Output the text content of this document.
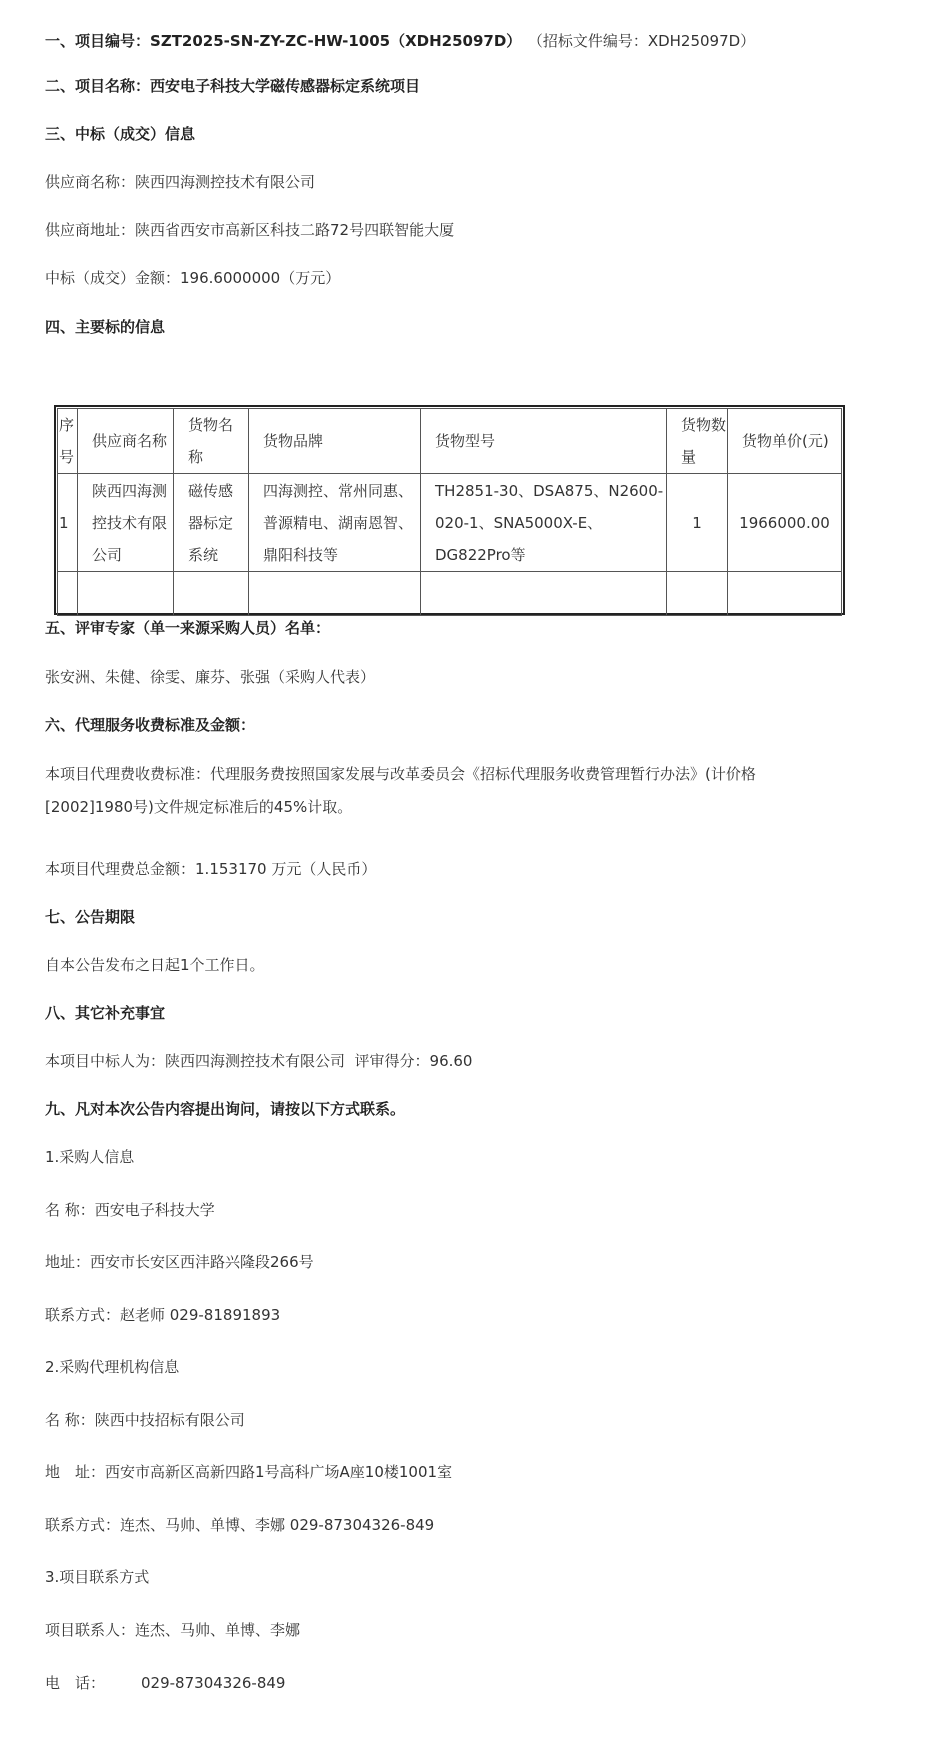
一、项目编号：SZT2025-SN-ZY-ZC-HW-1005（XDH25097D） （招标文件编号：XDH25097D）
二、项目名称：西安电子科技大学磁传感器标定系统项目
三、中标（成交）信息
供应商名称：陕西四海测控技术有限公司
供应商地址：陕西省西安市高新区科技二路72号四联智能大厦
中标（成交）金额：196.6000000（万元）
四、主要标的信息
序号	供应商名称	货物名称	货物品牌	货物型号	货物数量	货物单价(元)
1	陕西四海测控技术有限公司	磁传感器标定系统	四海测控、常州同惠、普源精电、湖南恩智、鼎阳科技等	TH2851-30、DSA875、N2600-020-1、SNA5000X-E、DG822Pro等	1	1966000.00

五、评审专家（单一来源采购人员）名单：
张安洲、朱健、徐雯、廉芬、张强（采购人代表）
六、代理服务收费标准及金额：
本项目代理费收费标准：代理服务费按照国家发展与改革委员会《招标代理服务收费管理暂行办法》(计价格[2002]1980号)文件规定标准后的45%计取。
本项目代理费总金额：1.153170 万元（人民币）
七、公告期限
自本公告发布之日起1个工作日。
八、其它补充事宜
本项目中标人为：陕西四海测控技术有限公司  评审得分：96.60
九、凡对本次公告内容提出询问，请按以下方式联系。
1.采购人信息
名 称：西安电子科技大学
地址：西安市长安区西沣路兴隆段266号
联系方式：赵老师 029-81891893
2.采购代理机构信息
名 称：陕西中技招标有限公司
地　址：西安市高新区高新四路1号高科广场A座10楼1001室
联系方式：连杰、马帅、单博、李娜 029-87304326-849
3.项目联系方式
项目联系人：连杰、马帅、单博、李娜
电　话： 029-87304326-849
